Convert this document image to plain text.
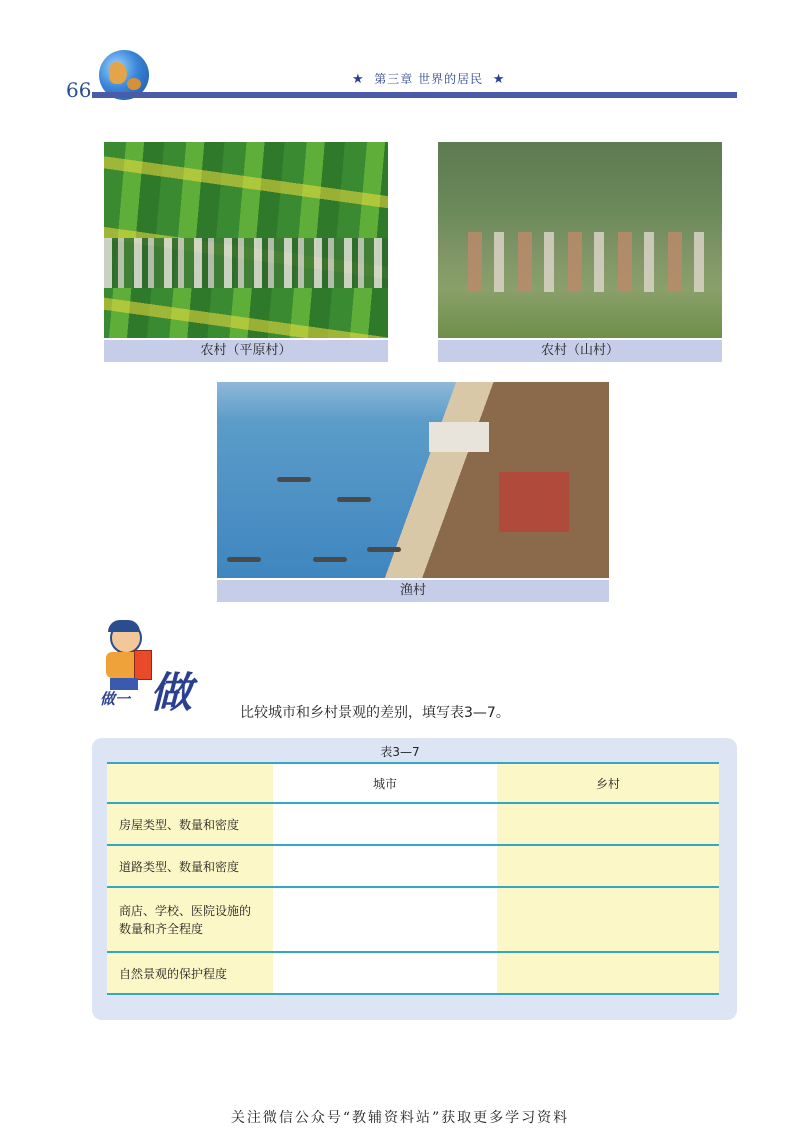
66	★ 第三章 世界的居民 ★
农村（平原村）	农村（山村）
渔村
做一 做	比较城市和乡村景观的差别，填写表3—7。
表3—7
	城市	乡村
房屋类型、数量和密度		
道路类型、数量和密度		
商店、学校、医院设施的数量和齐全程度		
自然景观的保护程度		
关注微信公众号“教辅资料站”获取更多学习资料
